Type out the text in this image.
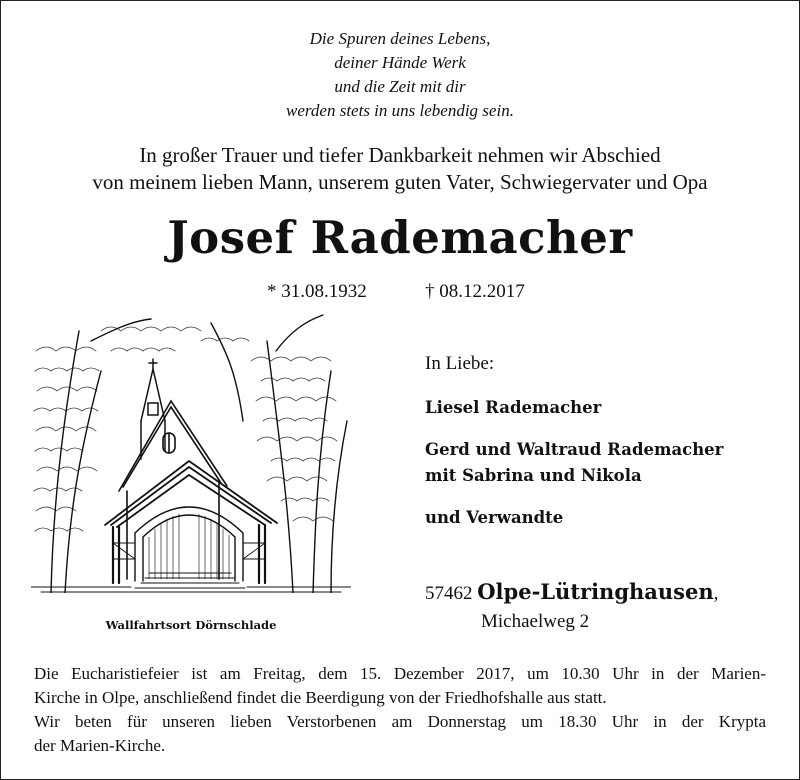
Die Spuren deines Lebens,
deiner Hände Werk
und die Zeit mit dir
werden stets in uns lebendig sein.
In großer Trauer und tiefer Dankbarkeit nehmen wir Abschied
von meinem lieben Mann, unserem guten Vater, Schwiegervater und Opa
Josef Rademacher
* 31.08.1932	† 08.12.2017
Wallfahrtsort Dörnschlade
In Liebe:
Liesel Rademacher
Gerd und Waltraud Rademacher
mit Sabrina und Nikola
und Verwandte
57462 Olpe-Lütringhausen,
Michaelweg 2
Die Eucharistiefeier ist am Freitag, dem 15. Dezember 2017, um 10.30 Uhr in der Marien-
Kirche in Olpe, anschließend findet die Beerdigung von der Friedhofshalle aus statt.
Wir beten für unseren lieben Verstorbenen am Donnerstag um 18.30 Uhr in der Krypta
der Marien-Kirche.
